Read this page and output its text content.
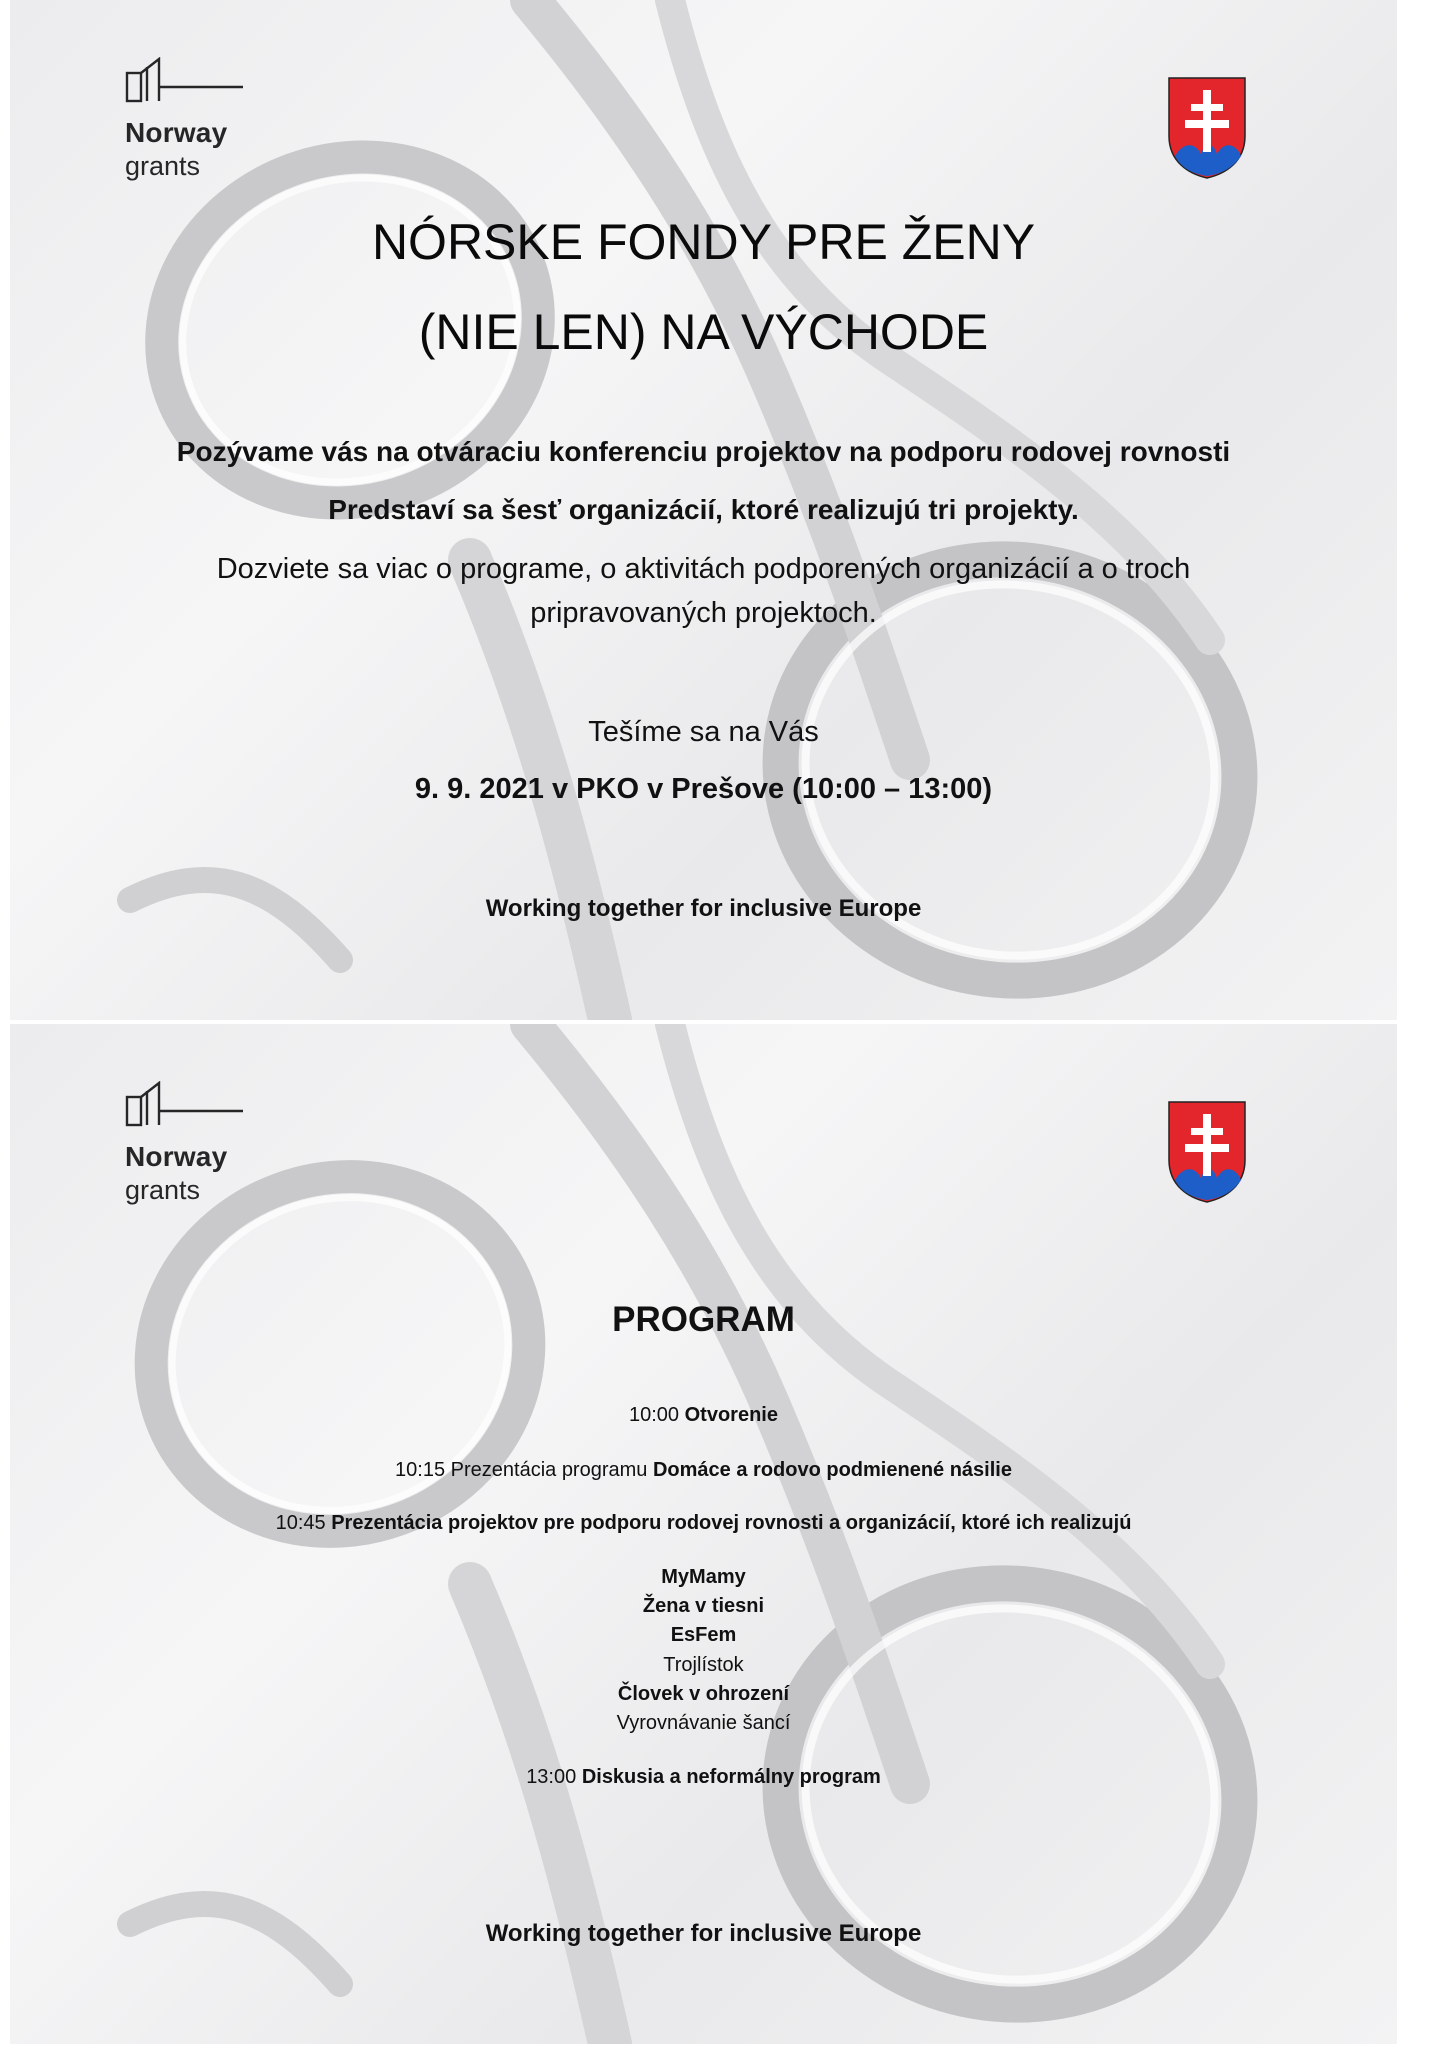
Norway
grants
NÓRSKE FONDY PRE ŽENY
(NIE LEN) NA VÝCHODE
Pozývame vás na otváraciu konferenciu projektov na podporu rodovej rovnosti
Predstaví sa šesť organizácií, ktoré realizujú tri projekty.
Dozviete sa viac o programe, o aktivitách podporených organizácií a o troch
pripravovaných projektoch.
Tešíme sa na Vás
9. 9. 2021 v PKO v Prešove (10:00 – 13:00)
Working together for inclusive Europe
Norway
grants
PROGRAM
10:00 Otvorenie
10:15 Prezentácia programu Domáce a rodovo podmienené násilie
10:45 Prezentácia projektov pre podporu rodovej rovnosti a organizácií, ktoré ich realizujú
MyMamy
Žena v tiesni
EsFem
Trojlístok
Človek v ohrození
Vyrovnávanie šancí
13:00 Diskusia a neformálny program
Working together for inclusive Europe
